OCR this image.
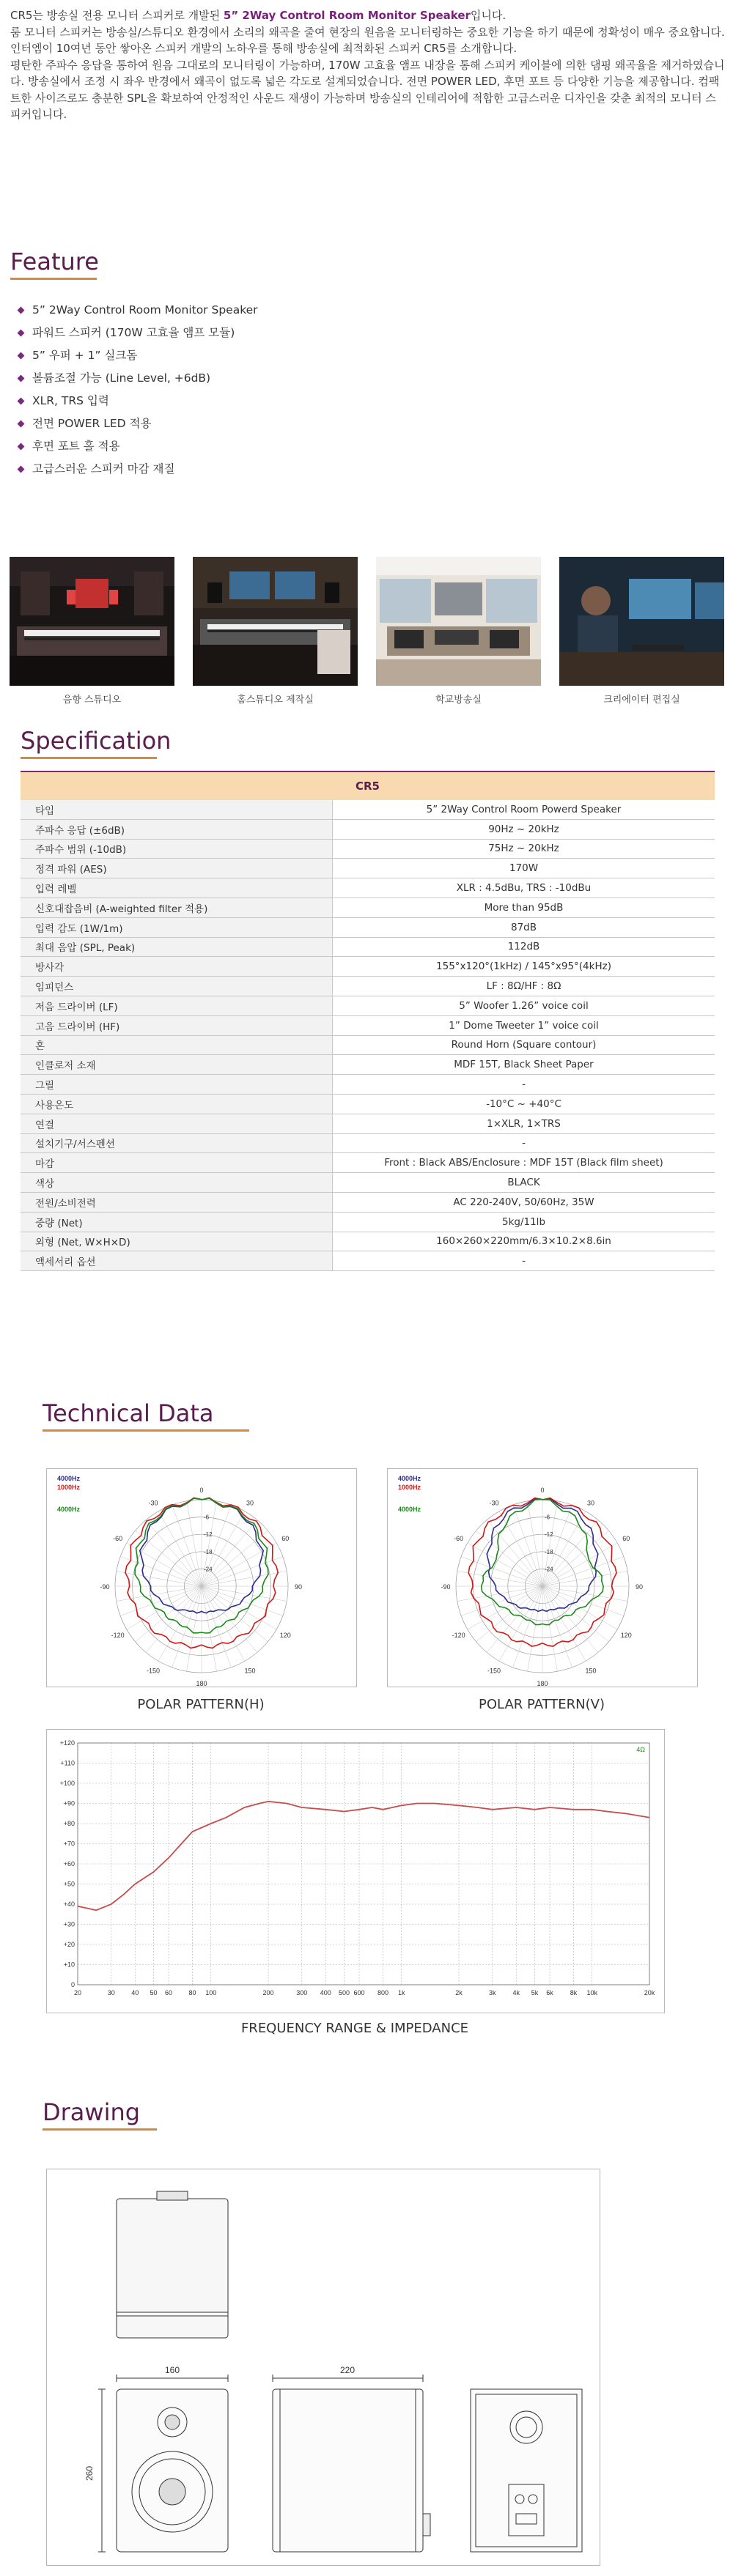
CR5는 방송실 전용 모니터 스피커로 개발된 5” 2Way Control Room Monitor Speaker입니다.
룸 모니터 스피커는 방송실/스튜디오 환경에서 소리의 왜곡을 줄여 현장의 원음을 모니터링하는 중요한 기능을 하기 때문에 정확성이 매우 중요합니다. 인터엠이 10여년 동안 쌓아온 스피커 개발의 노하우를 통해 방송실에 최적화된 스피커 CR5를 소개합니다.

평탄한 주파수 응답을 통하여 원음 그대로의 모니터링이 가능하며, 170W 고효율 앰프 내장을 통해 스피커 케이블에 의한 댐핑 왜곡율을 제거하였습니다. 방송실에서 조정 시 좌우 반경에서 왜곡이 없도록 넓은 각도로 설계되었습니다. 전면 POWER LED, 후면 포트 등 다양한 기능을 제공합니다. 컴팩트한 사이즈로도 충분한 SPL을 확보하여 안정적인 사운드 재생이 가능하며 방송실의 인테리어에 적합한 고급스러운 디자인을 갖춘 최적의 모니터 스피커입니다.

Feature
5” 2Way Control Room Monitor Speaker
파워드 스피커 (170W 고효율 앰프 모듈)
5” 우퍼 + 1” 실크돔
볼륨조절 가능 (Line Level, +6dB)
XLR, TRS 입력
전면 POWER LED 적용
후면 포트 홀 적용
고급스러운 스피커 마감 재질
음향 스튜디오	홈스튜디오 제작실	학교방송실	크리에이터 편집실
Specification
CR5	
타입	5” 2Way Control Room Powerd Speaker
주파수 응답 (±6dB)	90Hz ~ 20kHz
주파수 범위 (-10dB)	75Hz ~ 20kHz
정격 파워 (AES)	170W
입력 레벨	XLR : 4.5dBu, TRS : -10dBu
신호대잡음비 (A-weighted filter 적용)	More than 95dB
입력 감도 (1W/1m)	87dB
최대 음압 (SPL, Peak)	112dB
방사각	155°x120°(1kHz) / 145°x95°(4kHz)
임피던스	LF : 8Ω/HF : 8Ω
저음 드라이버 (LF)	5” Woofer 1.26” voice coil
고음 드라이버 (HF)	1” Dome Tweeter 1” voice coil
혼	Round Horn (Square contour)
인클로저 소재	MDF 15T, Black Sheet Paper
그릴	-
사용온도	-10°C ~ +40°C
연결	1×XLR, 1×TRS
설치기구/서스펜션	-
마감	Front : Black ABS/Enclosure : MDF 15T (Black film sheet)
색상	BLACK
전원/소비전력	AC 220-240V, 50/60Hz, 35W
중량 (Net)	5kg/11lb
외형 (Net, W×H×D)	160×260×220mm/6.3×10.2×8.6in
액세서리 옵션	-
Technical Data
0
30
60
90
120
150
180
-150
-120
-90
-60
-30
-6
-12
-18
-24
4000Hz
1000Hz
4000Hz
POLAR PATTERN(H)
0
30
60
90
120
150
180
-150
-120
-90
-60
-30
-6
-12
-18
-24
4000Hz
1000Hz
4000Hz
POLAR PATTERN(V)
0
+10
+20
+30
+40
+50
+60
+70
+80
+90
+100
+110
+120
20	30 40 50 60 80 100	200	300 400 500 600 800 1k	2k	3k	4k 5k 6k	8k 10k	20k
4Ω
FREQUENCY RANGE & IMPEDANCE
Drawing
160
260
220
